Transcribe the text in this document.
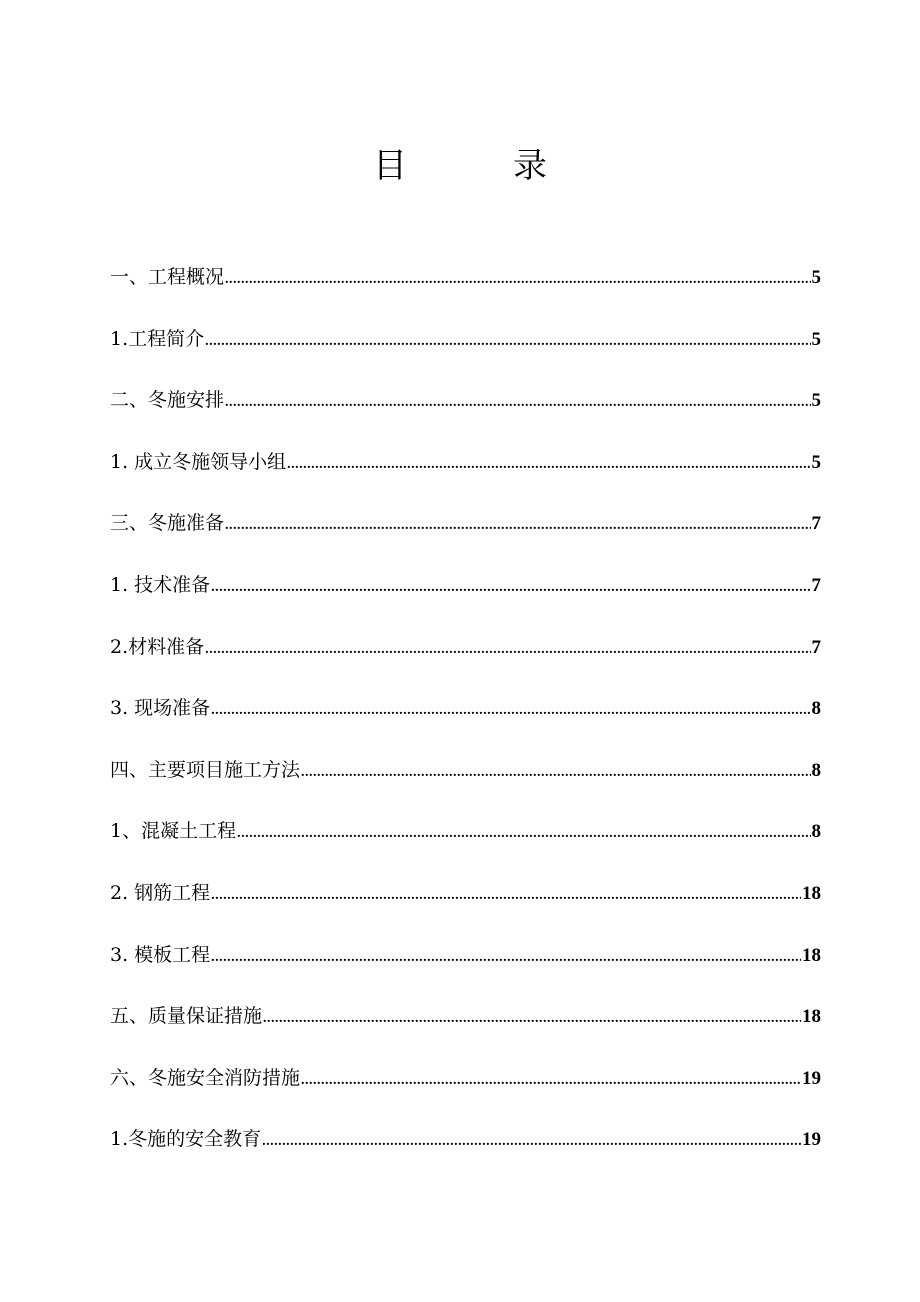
目　录
一、工程概况 .....	5
1.工程简介 .....	5
二、冬施安排 .....	5
1. 成立冬施领导小组 .....	5
三、冬施准备 .....	7
1. 技术准备 .....	7
2.材料准备 .....	7
3. 现场准备 .....	8
四、主要项目施工方法 .....	8
1、混凝土工程 .....	8
2. 钢筋工程 .....	18
3. 模板工程 .....	18
五、质量保证措施 .....	18
六、冬施安全消防措施 .....	19
1.冬施的安全教育 .....	19
